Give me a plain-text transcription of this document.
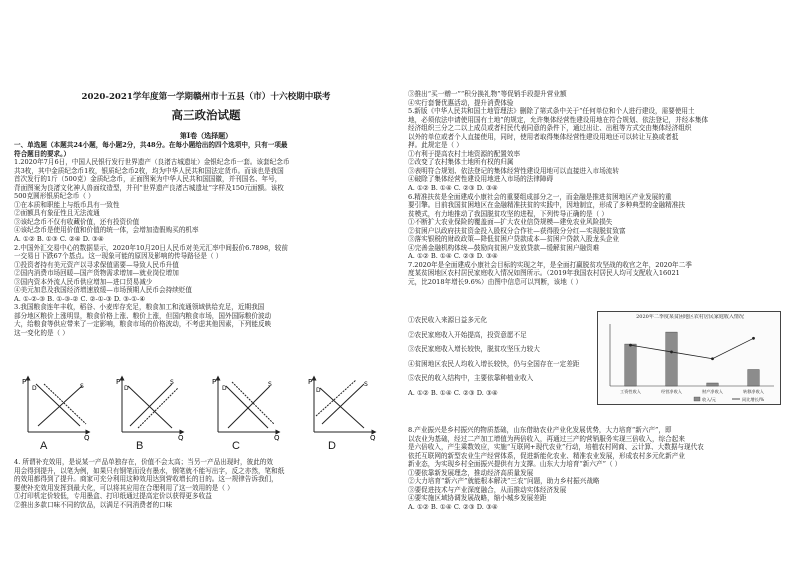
2020-2021学年度第一学期赣州市十五县（市）十六校期中联考
高三政治试题
第Ⅰ卷（选择题）
一、单选题（本题共24小题，每小题2分，共48分。在每小题给出的四个选项中，只有一项最
符合题目的要求。）
1.2020年7月6日，中国人民银行发行世界遗产（良渚古城遗址）金银纪念币一套。该套纪念币
共3枚，其中金质纪念币1枚，银质纪念币2枚，均为中华人民共和国法定货币。而该也是我国
首次发行的1斤（500克）金质纪念币，正面图案为中华人民共和国国徽，并刊国名、年号，
背面图案为良渚文化神人兽面纹造型，并刊“世界遗产良渚古城遗址”字样及150元面额。该枚
500克圆形银质纪念币（ ）
①在本质和职能上与纸币具有一致性
②面额具有象征性且无法流通
③该纪念币不仅有收藏价值，还有投资价值
④该纪念币是使用价值和价值的统一体，会增加造假购买的机率
A. ①② B. ①③ C. ②④ D. ③④
2.中国外汇交易中心的数据显示，2020年10月20日人民币对美元汇率中间报价6.7898，较前
一交易日下跌67个基点。这一现象可能的原因及影响的传导路径是（ ）
①投资者持有美元资产以寻求保值需要—导致人民币升值
②国内消费市场回暖—国产货物需求增加—就业岗位增加
③国内资本外流人民币供应增加—进口贸易减少
④美元加息及我国经济增速放缓—市场预期人民币会持续贬值
A. ①-②-③ B. ①-③-② C. ②-①-③ D. ③-①-④
3.我国粮食连年丰收，稻谷、小麦库存充足，粮食加工和流通领域供给充足，近期我国
部分地区粮价上涨明显，粮食价格上涨、粮价上涨，但国内粮食市场，国外国际粮价波动
大，给粮食等供应带来了一定影响，粮食市场的价格波动，不考虑其他因素，下列能反映
这一变化的是（ ）
P
Q
S
D
P
Q
S
D
P
Q
S
D
P
Q
S
D
A	B	C	D
4. 所谓补充效用，是说某一产品单独存在，价值不会太高；当另一产品出现时，彼此的效
用会得到提升，以笔为例，如果只有钢笔而没有墨水，钢笔就不能写出字，反之亦然，笔和纸
的效用都得到了提升。商家可充分利用这种效用达到营收增长的目的。这一规律告诉我们，
要使补充效用发挥到最大化，可以将其应用在合理利用了这一效用的是（ ）
①打印机定价较低，专用墨盒、打印纸通过提高定价以获得更多收益
②推出多款口味不同的饮品，以满足不同消费者的口味
③推出“买一赠一”“积分换礼物”等促销手段提升营业额
④实行套餐优惠活动，提升消费体验
5.新版《中华人民共和国土地管理法》删除了第式条中关于“任何单位和个人进行建设，需要使用土
地，必须依法申请使用国有土地”的规定，允许集体经营性建设用地在符合规划、依法登记，并经本集体
经济组织三分之二以上成员或者村民代表同意的条件下，通过出让、出租等方式交由集体经济组织
以外的单位或者个人直接使用，同时，使用者取得集体经营性建设用地还可以转让互换或者抵
押。此规定是（ ）
①有利于提高农村土地资源的配置效率
②改变了农村集体土地所有权的归属
③表明符合规划、依法登记的集体经营性建设用地可以直接进入市场流转
④破除了集体经营性建设用地进入市场的法律障碍
A. ①② B. ①④ C. ②③ D. ③④
6.精准扶贫是全面建成小康社会的重要组成部分之一，而金融是推进贫困地区产业发展的重
要引擎。目前我国贫困地区在金融精准扶贫的实践中，因地制宜，形成了多种典型的金融精准扶
贫模式，有力地推动了我国脱贫攻坚的进程，下列传导正确的是（ ）
①不断扩大农业保险的覆盖面—扩大农业信贷规模—建免农业风险损失
②贫困户以政府扶贫资金投入股权分合作社—获得股分分红—实现脱贫致富
③落实银税的财政政策—降低贫困户贷款成本—贫困户贷款入股龙头企业
④完善金融机构体统—鼓励向贫困户发放贷款—缓解贫困户融资难
A. ①② B. ①④ C. ②③ D. ③④
7.2020年是全面建成小康社会目标的实现之年，是全面打赢脱贫攻坚战的收官之年，2020年二季
度某贫困地区农村居民家庭收入情况如图所示。（2019年我国农村居民人均可支配收入16021
元，比2018年增长9.6%）由图中信息可以判断，该地（ ）
①农民收入来源日益多元化
②农民家庭收入开始提高，投资意愿不足
③农民家庭收入增长较快，脱贫攻坚压力较大
④贫困地区农民人均收入增长较快，仍与全国存在一定差距
⑤农民的收入结构中，主要依靠种植业收入
A. ①② B. ①④ C. ②③ D. ③④
2020年二季度某贫困地区农村居民家庭收入情况
工资性收入	经营净收入	财产净收入	转移净收入
收入/元	同比增长/%
8.产业振兴是乡村振兴的物质基础，山东借助农业产业化发展优势，大力培育“新六产”，即
以农业为基础，经过二产加工增值为两倍收入，再通过三产的营销服务实现三倍收入，综合起来
是六倍收入，产生乘数效应，实施“互联网+现代农业”行动，培植农村网商、云计算、大数据与现代农
依托互联网的新型农业生产经营体系，促进新能化农业、精准农业发展，形成农村多元化新产业
新业态，为实现乡村全面振兴提供有力支撑。山东大力培育“新六产”（ ）
①要依靠新发展理念，推动经济高质量发展
②大力培育“新六产”就能根本解决“三农”问题，助力乡村振兴战略
③要促进技术与产业深度融合，从而推动实体经济发展
④要实施区域协调发展战略，缩小城乡发展差距
A. ①② B. ①④ C. ②③ D. ③④
